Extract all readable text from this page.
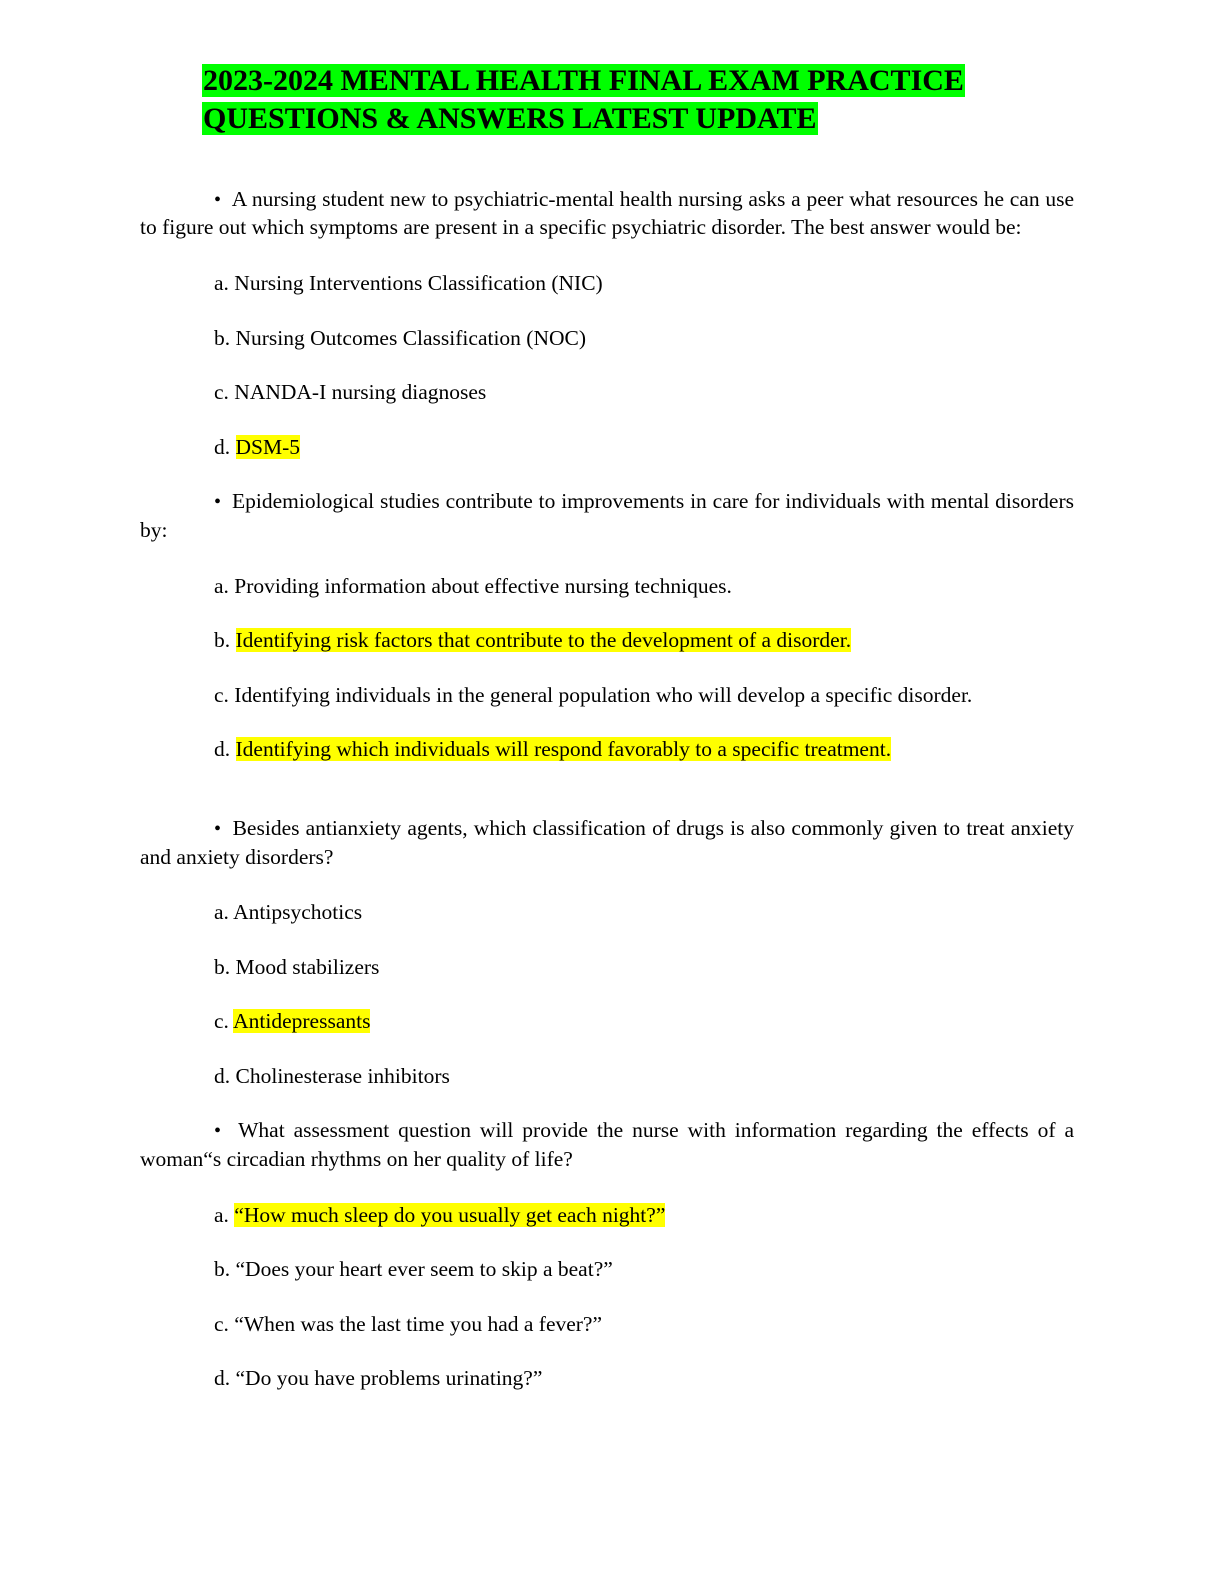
2023-2024 MENTAL HEALTH FINAL EXAM PRACTICE
QUESTIONS & ANSWERS LATEST UPDATE

•  A nursing student new to psychiatric-mental health nursing asks a peer what resources he can use to figure out which symptoms are present in a specific psychiatric disorder. The best answer would be:

a. Nursing Interventions Classification (NIC)

b. Nursing Outcomes Classification (NOC)

c. NANDA-I nursing diagnoses

d. DSM-5

•  Epidemiological studies contribute to improvements in care for individuals with mental disorders by:

a. Providing information about effective nursing techniques.

b. Identifying risk factors that contribute to the development of a disorder.

c. Identifying individuals in the general population who will develop a specific disorder.

d. Identifying which individuals will respond favorably to a specific treatment.

•  Besides antianxiety agents, which classification of drugs is also commonly given to treat anxiety and anxiety disorders?

a. Antipsychotics

b. Mood stabilizers

c. Antidepressants

d. Cholinesterase inhibitors

•  What assessment question will provide the nurse with information regarding the effects of a woman“s circadian rhythms on her quality of life?

a. “How much sleep do you usually get each night?”

b. “Does your heart ever seem to skip a beat?”

c. “When was the last time you had a fever?”

d. “Do you have problems urinating?”
